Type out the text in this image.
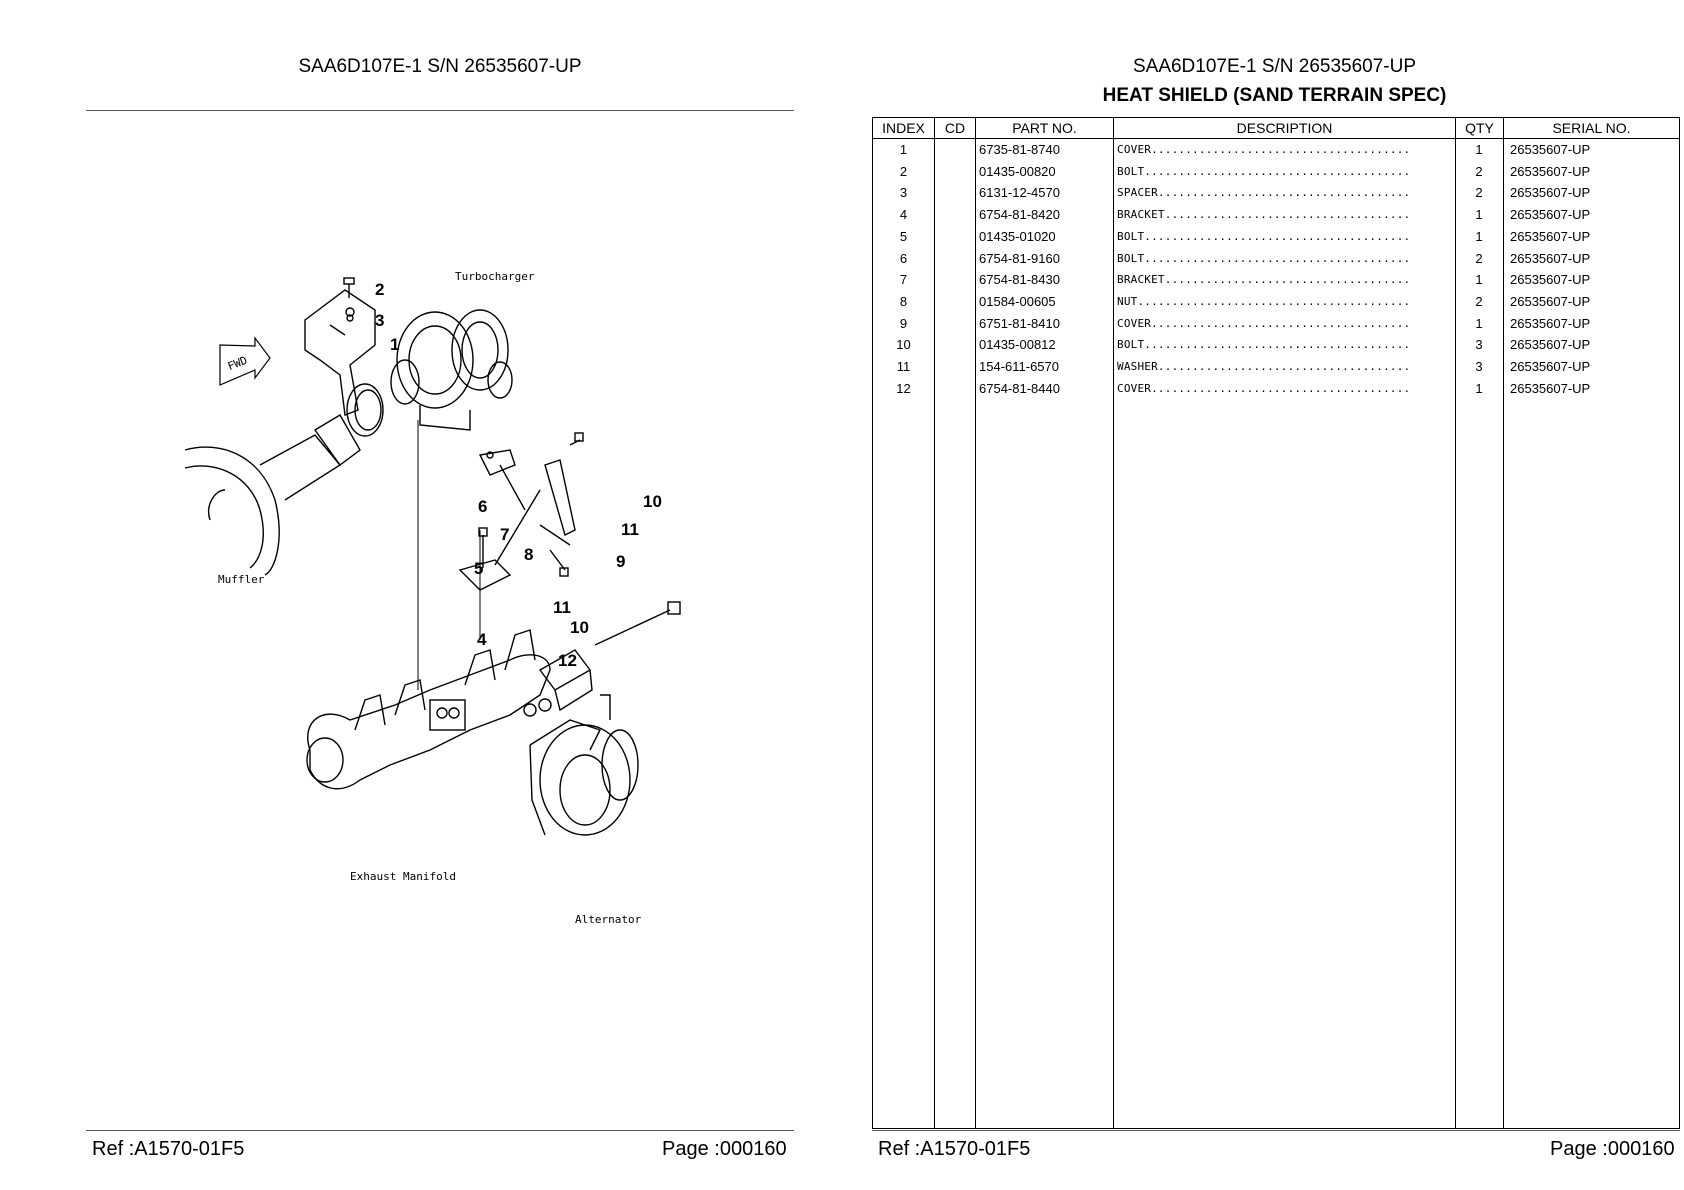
SAA6D107E-1 S/N 26535607-UP
FWD
Turbocharger
Muffler
Exhaust Manifold
Alternator
2
3
1
6
7
8
10
11
9
5
11
10
4
12
Ref :A1570-01F5	Page :000160
SAA6D107E-1 S/N 26535607-UP
HEAT SHIELD (SAND TERRAIN SPEC)
INDEX	CD	PART NO.	DESCRIPTION	QTY	SERIAL NO.
1	6735-81-8740	COVER......................................	1	26535607-UP
2	01435-00820	BOLT.......................................	2	26535607-UP
3	6131-12-4570	SPACER.....................................	2	26535607-UP
4	6754-81-8420	BRACKET....................................	1	26535607-UP
5	01435-01020	BOLT.......................................	1	26535607-UP
6	6754-81-9160	BOLT.......................................	2	26535607-UP
7	6754-81-8430	BRACKET....................................	1	26535607-UP
8	01584-00605	NUT........................................	2	26535607-UP
9	6751-81-8410	COVER......................................	1	26535607-UP
10	01435-00812	BOLT.......................................	3	26535607-UP
11	154-611-6570	WASHER.....................................	3	26535607-UP
12	6754-81-8440	COVER......................................	1	26535607-UP
Ref :A1570-01F5	Page :000160
